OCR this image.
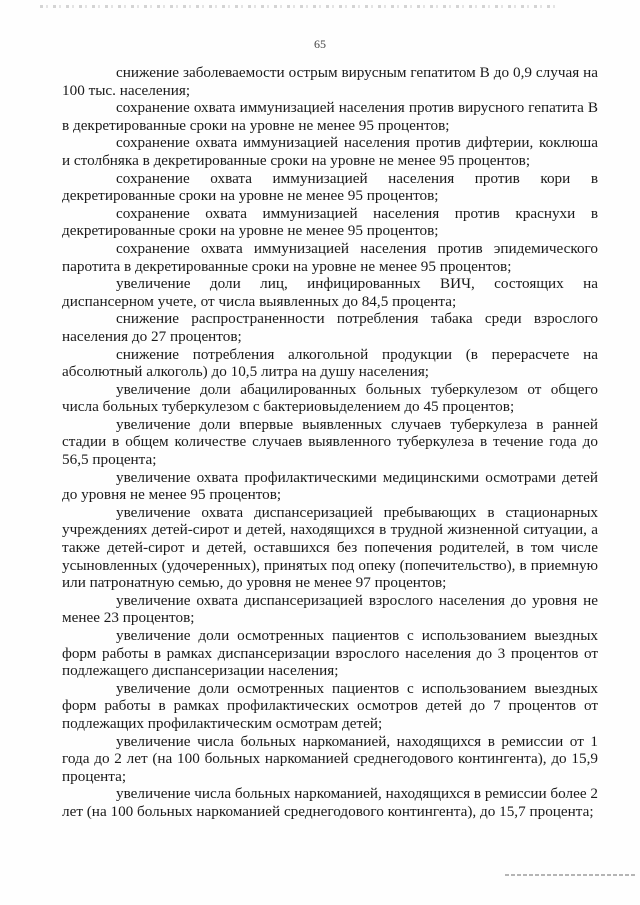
65

снижение заболеваемости острым вирусным гепатитом В до 0,9 случая на 100 тыс. населения;

сохранение охвата иммунизацией населения против вирусного гепатита В в декретированные сроки на уровне не менее 95 процентов;

сохранение охвата иммунизацией населения против дифтерии, коклюша и столбняка в декретированные сроки на уровне не менее 95 процентов;

сохранение охвата иммунизацией населения против кори в декретированные сроки на уровне не менее 95 процентов;

сохранение охвата иммунизацией населения против краснухи в декретированные сроки на уровне не менее 95 процентов;

сохранение охвата иммунизацией населения против эпидемического паротита в декретированные сроки на уровне не менее 95 процентов;

увеличение доли лиц, инфицированных ВИЧ, состоящих на диспансерном учете, от числа выявленных до 84,5 процента;

снижение распространенности потребления табака среди взрослого населения до 27 процентов;

снижение потребления алкогольной продукции (в перерасчете на абсолютный алкоголь) до 10,5 литра на душу населения;

увеличение доли абацилированных больных туберкулезом от общего числа больных туберкулезом с бактериовыделением до 45 процентов;

увеличение доли впервые выявленных случаев туберкулеза в ранней стадии в общем количестве случаев выявленного туберкулеза в течение года до 56,5 процента;

увеличение охвата профилактическими медицинскими осмотрами детей до уровня не менее 95 процентов;

увеличение охвата диспансеризацией пребывающих в стационарных учреждениях детей-сирот и детей, находящихся в трудной жизненной ситуации, а также детей-сирот и детей, оставшихся без попечения родителей, в том числе усыновленных (удочеренных), принятых под опеку (попечительство), в приемную или патронатную семью, до уровня не менее 97 процентов;

увеличение охвата диспансеризацией взрослого населения до уровня не менее 23 процентов;

увеличение доли осмотренных пациентов с использованием выездных форм работы в рамках диспансеризации взрослого населения до 3 процентов от подлежащего диспансеризации населения;

увеличение доли осмотренных пациентов с использованием выездных форм работы в рамках профилактических осмотров детей до 7 процентов от подлежащих профилактическим осмотрам детей;

увеличение числа больных наркоманией, находящихся в ремиссии от 1 года до 2 лет (на 100 больных наркоманией среднегодового контингента), до 15,9 процента;

увеличение числа больных наркоманией, находящихся в ремиссии более 2 лет (на 100 больных наркоманией среднегодового контингента), до 15,7 процента;
